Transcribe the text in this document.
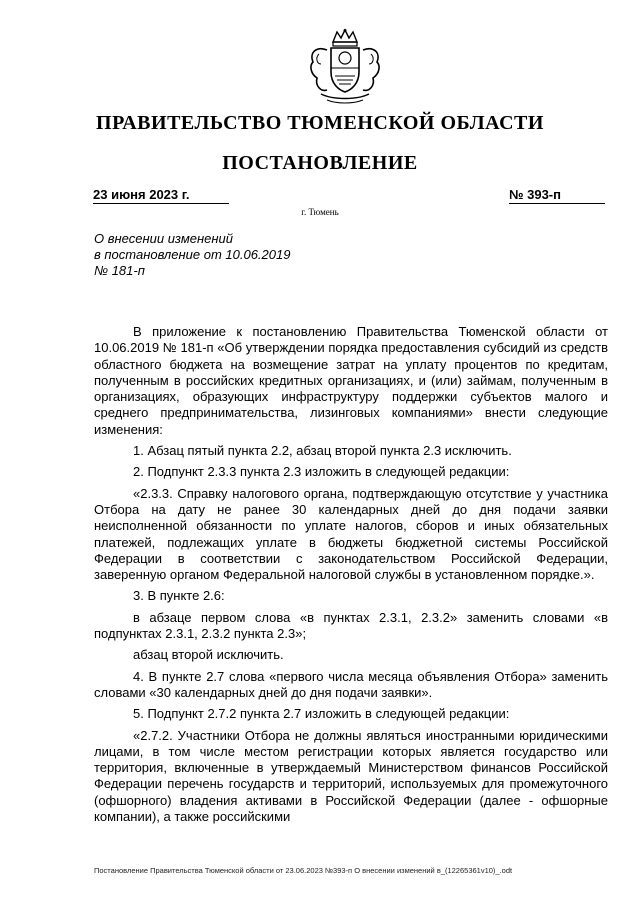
ПРАВИТЕЛЬСТВО ТЮМЕНСКОЙ ОБЛАСТИ
ПОСТАНОВЛЕНИЕ
23 июня 2023 г.	№ 393-п
г. Тюмень
О внесении изменений
в постановление от 10.06.2019
№ 181-п

В приложение к постановлению Правительства Тюменской области от 10.06.2019 № 181-п «Об утверждении порядка предоставления субсидий из средств областного бюджета на возмещение затрат на уплату процентов по кредитам, полученным в российских кредитных организациях, и (или) займам, полученным в организациях, образующих инфраструктуру поддержки субъектов малого и среднего предпринимательства, лизинговых компаниями» внести следующие изменения:

1. Абзац пятый пункта 2.2, абзац второй пункта 2.3 исключить.

2. Подпункт 2.3.3 пункта 2.3 изложить в следующей редакции:

«2.3.3. Справку налогового органа, подтверждающую отсутствие у участника Отбора на дату не ранее 30 календарных дней до дня подачи заявки неисполненной обязанности по уплате налогов, сборов и иных обязательных платежей, подлежащих уплате в бюджеты бюджетной системы Российской Федерации в соответствии с законодательством Российской Федерации, заверенную органом Федеральной налоговой службы в установленном порядке.».

3. В пункте 2.6:

в абзаце первом слова «в пунктах 2.3.1, 2.3.2» заменить словами «в подпунктах 2.3.1, 2.3.2 пункта 2.3»;

абзац второй исключить.

4. В пункте 2.7 слова «первого числа месяца объявления Отбора» заменить словами «30 календарных дней до дня подачи заявки».

5. Подпункт 2.7.2 пункта 2.7 изложить в следующей редакции:

«2.7.2. Участники Отбора не должны являться иностранными юридическими лицами, в том числе местом регистрации которых является государство или территория, включенные в утверждаемый Министерством финансов Российской Федерации перечень государств и территорий, используемых для промежуточного (офшорного) владения активами в Российской Федерации (далее - офшорные компании), а также российскими

Постановление Правительства Тюменской области от 23.06.2023 №393-п О внесении изменений в_(12265361v10)_.odt
